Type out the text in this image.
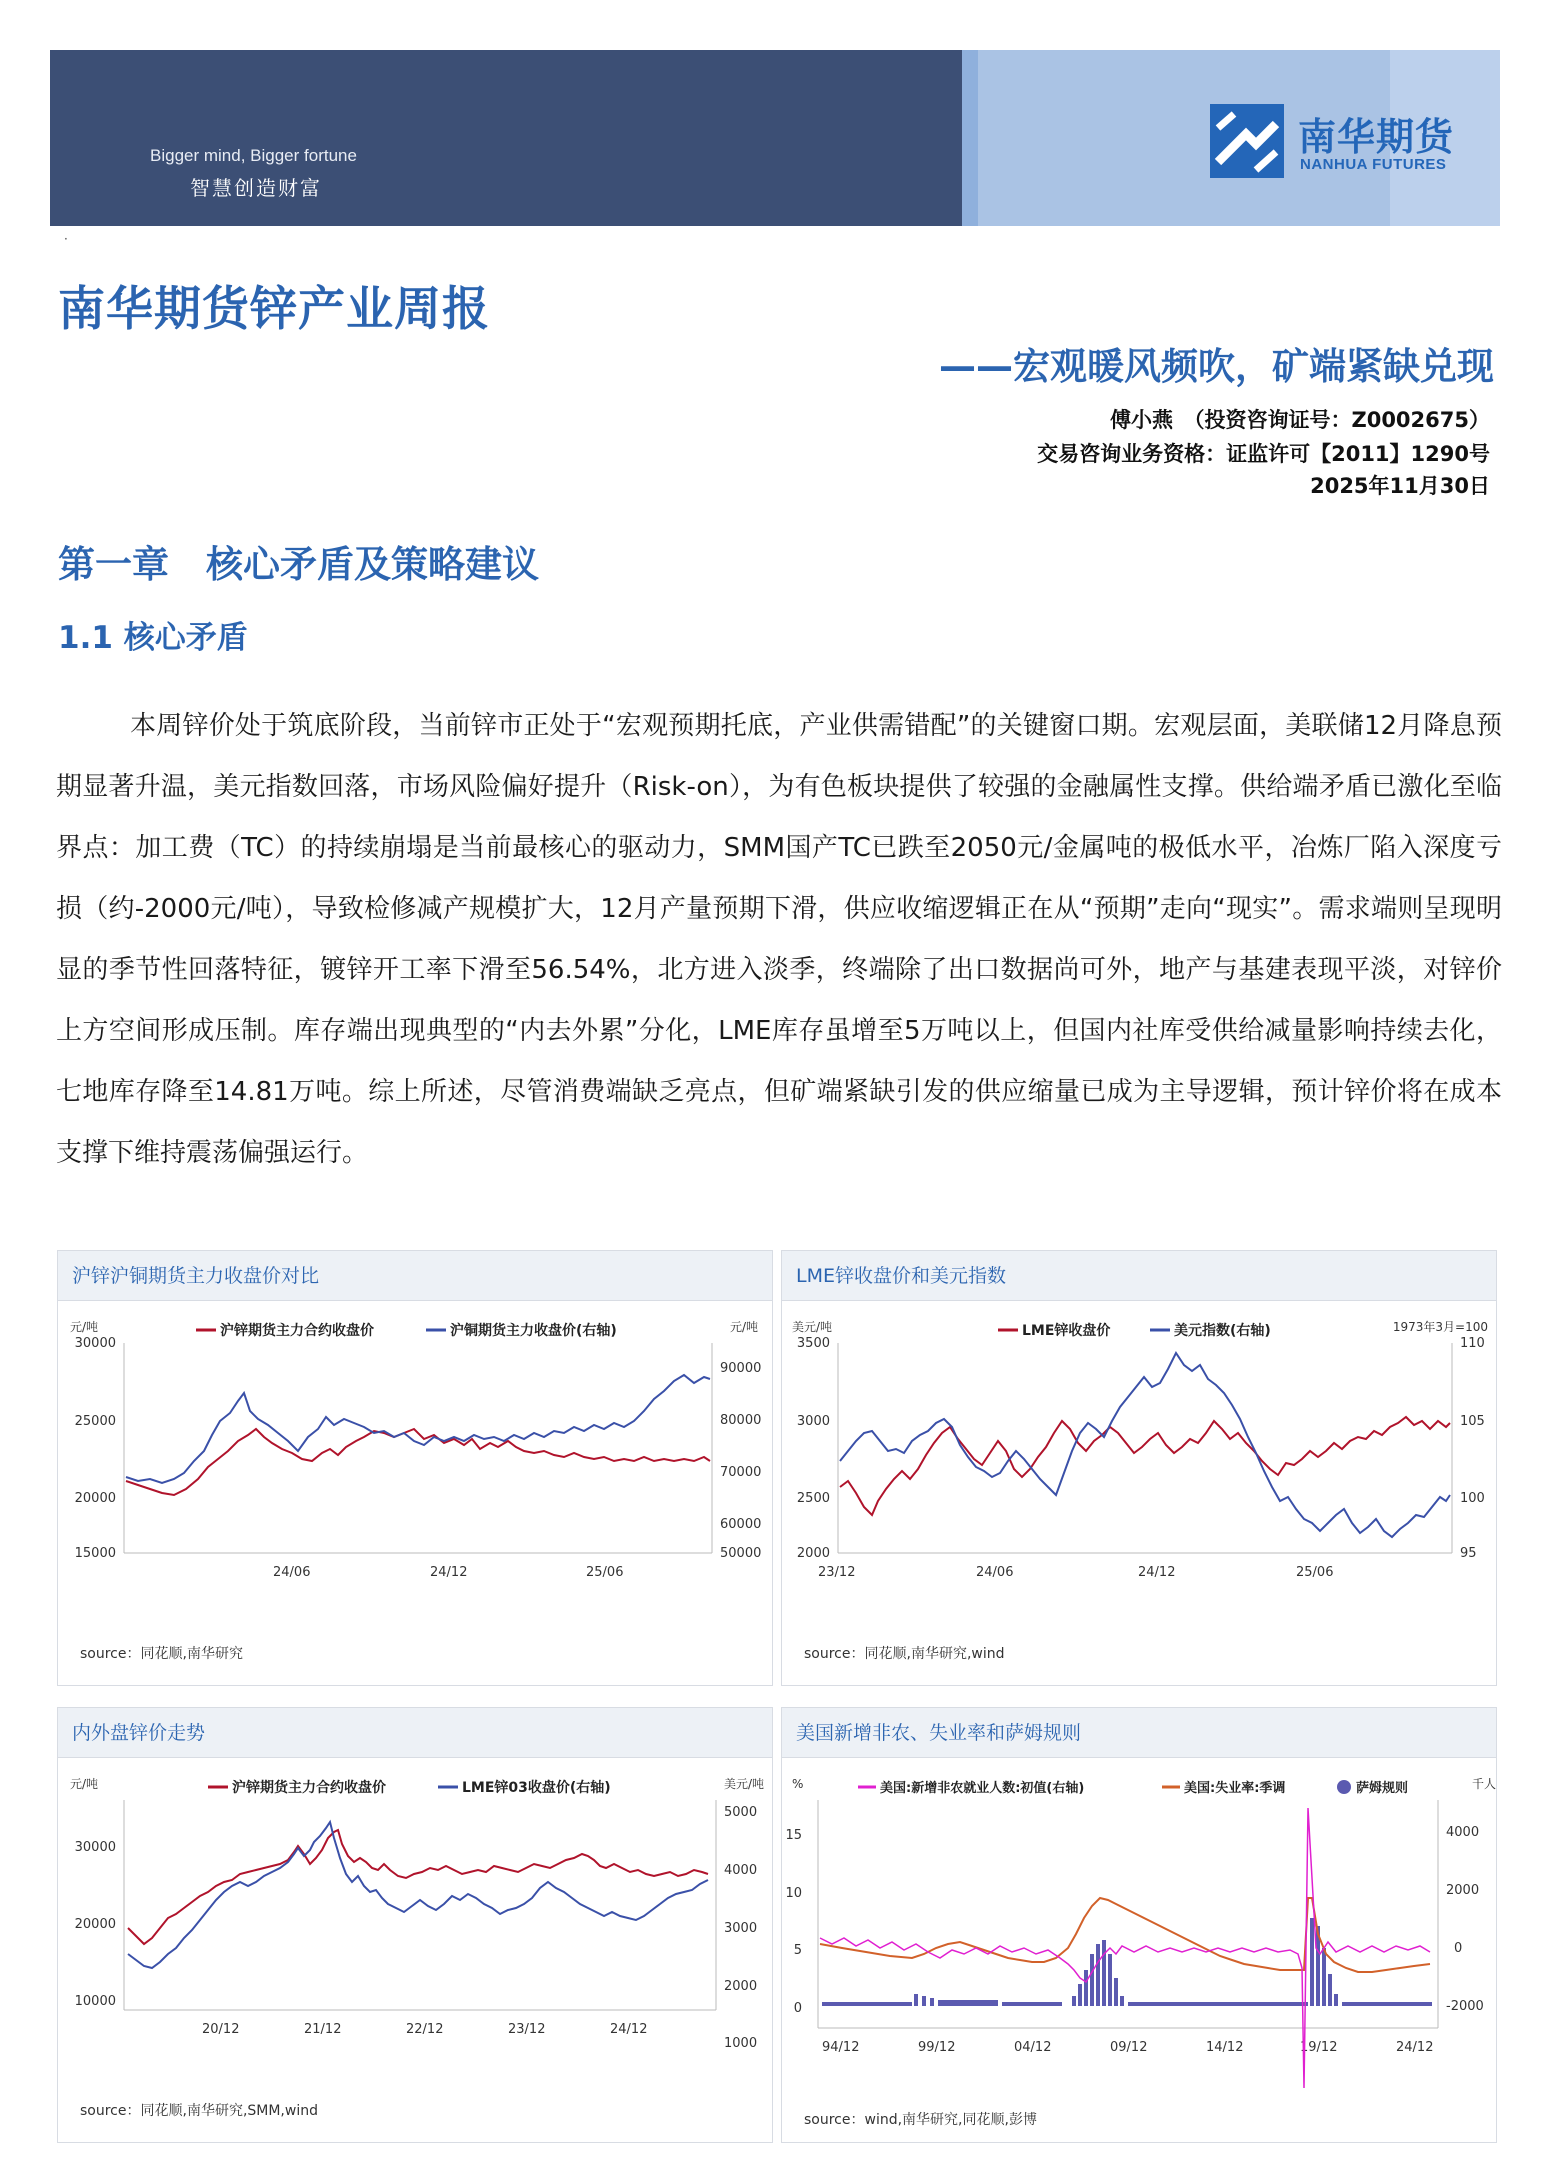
Bigger mind, Bigger fortune
智慧创造财富
南华期货
NANHUA FUTURES
·
南华期货锌产业周报
——宏观暖风频吹，矿端紧缺兑现
傅小燕　（投资咨询证号：Z0002675）
交易咨询业务资格：证监许可【2011】1290号
2025年11月30日
第一章　核心矛盾及策略建议
1.1 核心矛盾
本周锌价处于筑底阶段，当前锌市正处于“宏观预期托底，产业供需错配”的关键窗口期。宏观层面，美联储12月降息预期显著升温，美元指数回落，市场风险偏好提升（Risk-on），为有色板块提供了较强的金融属性支撑。供给端矛盾已激化至临界点：加工费（TC）的持续崩塌是当前最核心的驱动力，SMM国产TC已跌至2050元/金属吨的极低水平，冶炼厂陷入深度亏损（约-2000元/吨），导致检修减产规模扩大，12月产量预期下滑，供应收缩逻辑正在从“预期”走向“现实”。需求端则呈现明显的季节性回落特征，镀锌开工率下滑至56.54%，北方进入淡季，终端除了出口数据尚可外，地产与基建表现平淡，对锌价上方空间形成压制。库存端出现典型的“内去外累”分化，LME库存虽增至5万吨以上，但国内社库受供给减量影响持续去化，七地库存降至14.81万吨。综上所述，尽管消费端缺乏亮点，但矿端紧缺引发的供应缩量已成为主导逻辑，预计锌价将在成本支撑下维持震荡偏强运行。
沪锌沪铜期货主力收盘价对比
元/吨	元/吨
沪锌期货主力合约收盘价	沪铜期货主力收盘价(右轴)
30000
25000
20000
15000
90000
80000
70000
60000
50000
24/06	24/12	25/06
source：同花顺,南华研究
LME锌收盘价和美元指数
美元/吨	1973年3月=100
LME锌收盘价	美元指数(右轴)
3500
3000
2500
2000
110
105
100
95
23/12	24/06	24/12	25/06
source：同花顺,南华研究,wind
内外盘锌价走势
元/吨	美元/吨
沪锌期货主力合约收盘价	LME锌03收盘价(右轴)
30000
20000
10000
5000
4000
3000
2000
1000
20/12	21/12	22/12	23/12	24/12
source：同花顺,南华研究,SMM,wind
美国新增非农、失业率和萨姆规则
%	千人
美国:新增非农就业人数:初值(右轴)	美国:失业率:季调	萨姆规则
15
10
5
0
4000
2000
0
-2000
94/12	99/12	04/12	09/12	14/12	19/12	24/12
source：wind,南华研究,同花顺,彭博
